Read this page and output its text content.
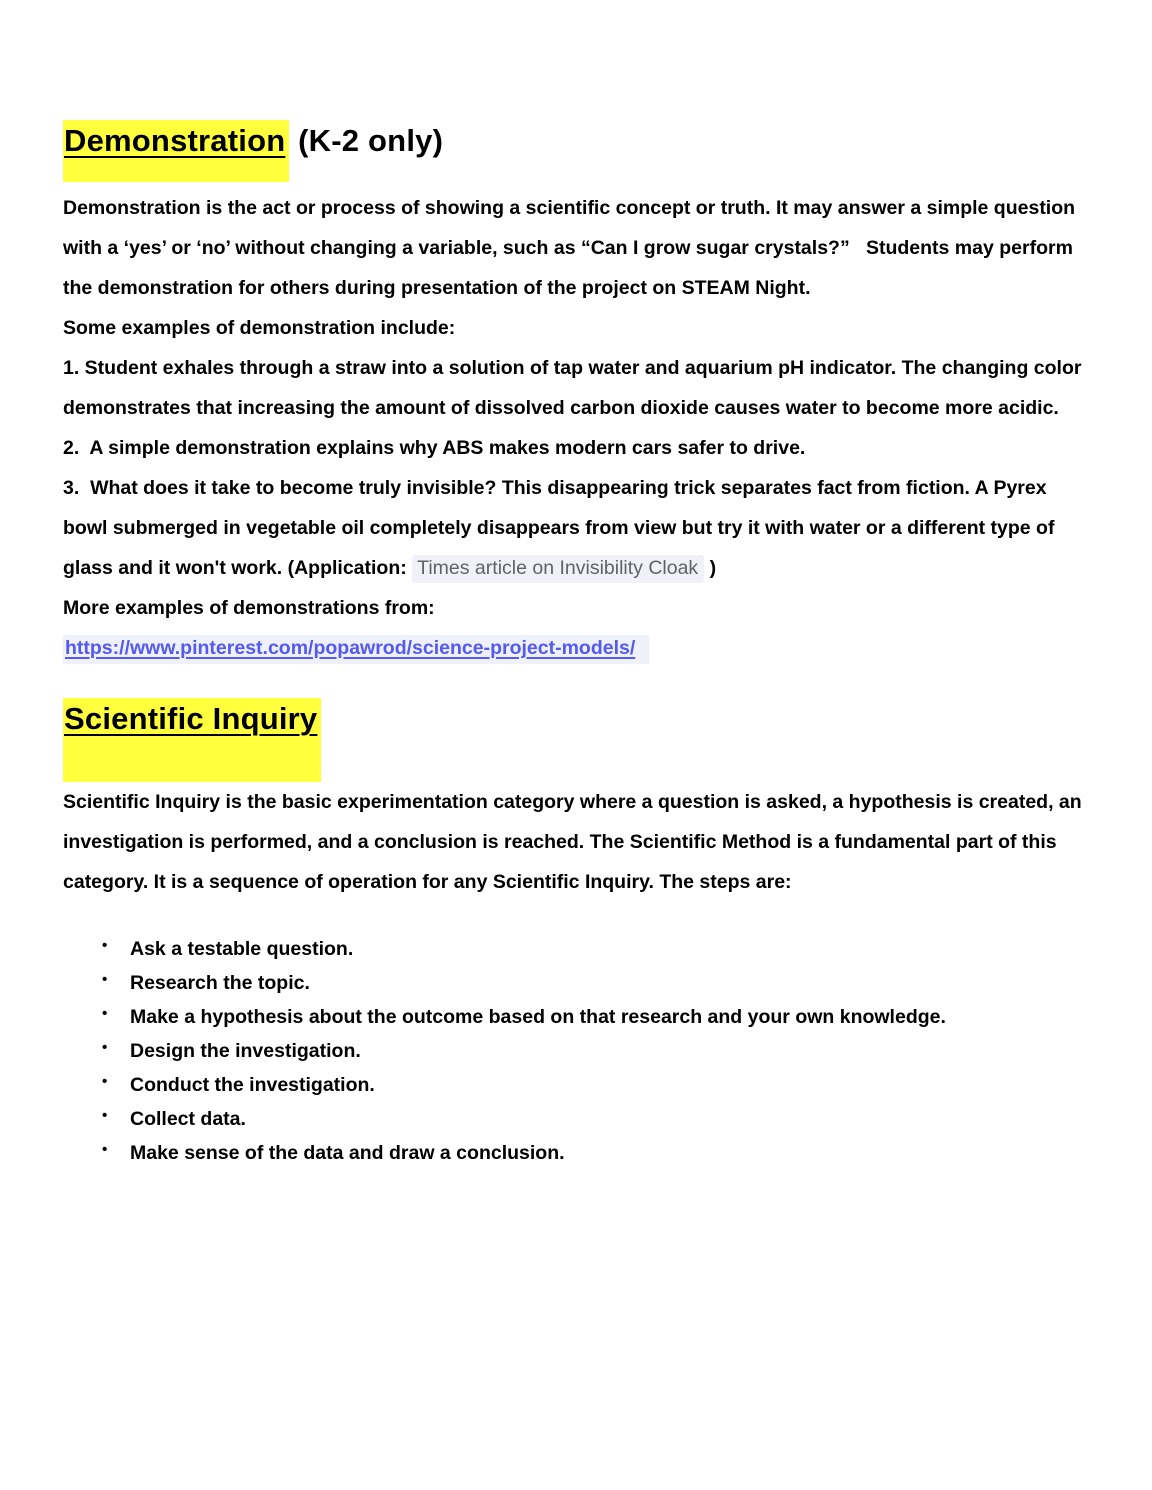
Demonstration (K-2 only)

Demonstration is the act or process of showing a scientific concept or truth. It may answer a simple question with a ‘yes’ or ‘no’ without changing a variable, such as “Can I grow sugar crystals?”   Students may perform the demonstration for others during presentation of the project on STEAM Night.

Some examples of demonstration include:

1. Student exhales through a straw into a solution of tap water and aquarium pH indicator. The changing color demonstrates that increasing the amount of dissolved carbon dioxide causes water to become more acidic.

2.  A simple demonstration explains why ABS makes modern cars safer to drive.

3.  What does it take to become truly invisible? This disappearing trick separates fact from fiction. A Pyrex bowl submerged in vegetable oil completely disappears from view but try it with water or a different type of glass and it won't work. (Application: Times article on Invisibility Cloak )

More examples of demonstrations from:

https://www.pinterest.com/popawrod/science-project-models/

Scientific Inquiry

Scientific Inquiry is the basic experimentation category where a question is asked, a hypothesis is created, an investigation is performed, and a conclusion is reached. The Scientific Method is a fundamental part of this category. It is a sequence of operation for any Scientific Inquiry. The steps are:

• Ask a testable question.
• Research the topic.
• Make a hypothesis about the outcome based on that research and your own knowledge.
• Design the investigation.
• Conduct the investigation.
• Collect data.
• Make sense of the data and draw a conclusion.
